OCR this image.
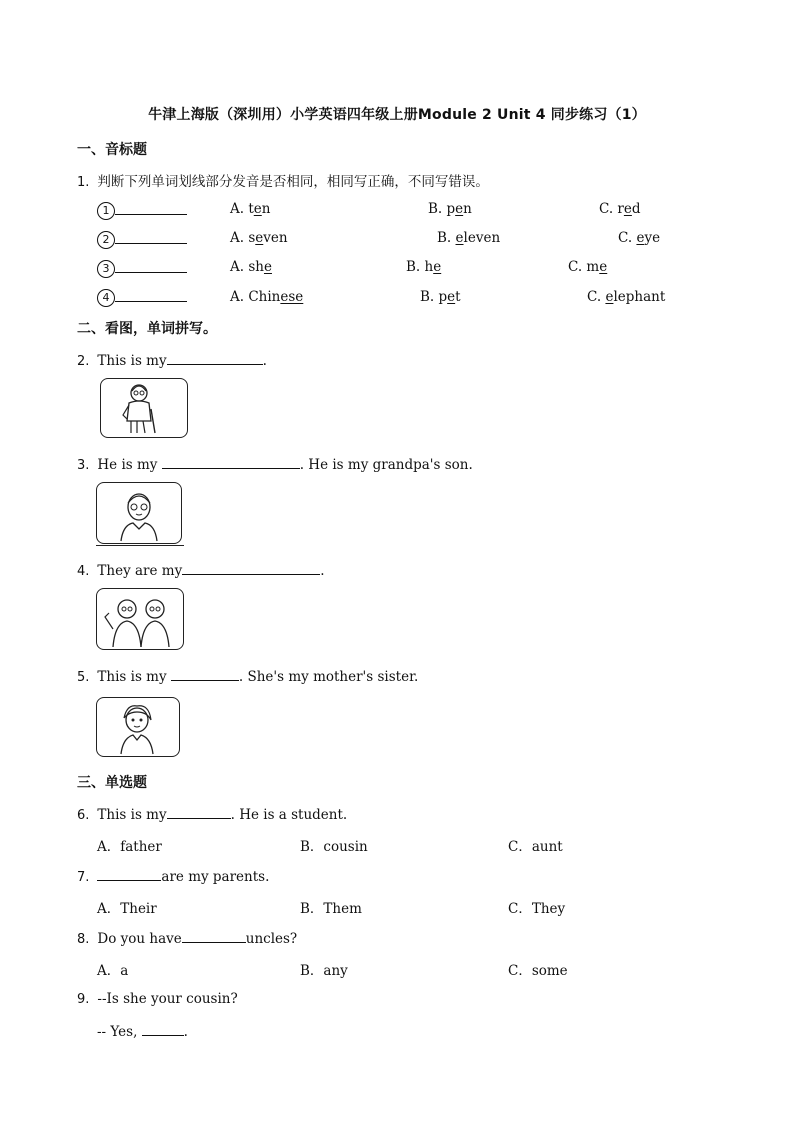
牛津上海版（深圳用）小学英语四年级上册Module 2 Unit 4 同步练习（1）
一、音标题
1. 判断下列单词划线部分发音是否相同，相同写正确，不同写错误。
1	A. ten	B. pen	C. red
2	A. seven	B. eleven	C. eye
3	A. she	B. he	C. me
4	A. Chinese	B. pet	C. elephant
二、看图，单词拼写。
2. This is my	.
3. He is my	. He is my grandpa's son.
4. They are my	.
5. This is my	. She's my mother's sister.
三、单选题
6. This is my	. He is a student.
A．father	B．cousin	C．aunt
7.	are my parents.
A．Their	B．Them	C．They
8. Do you have	uncles?
A．a	B．any	C．some
9. --Is she your cousin?
-- Yes,	.
